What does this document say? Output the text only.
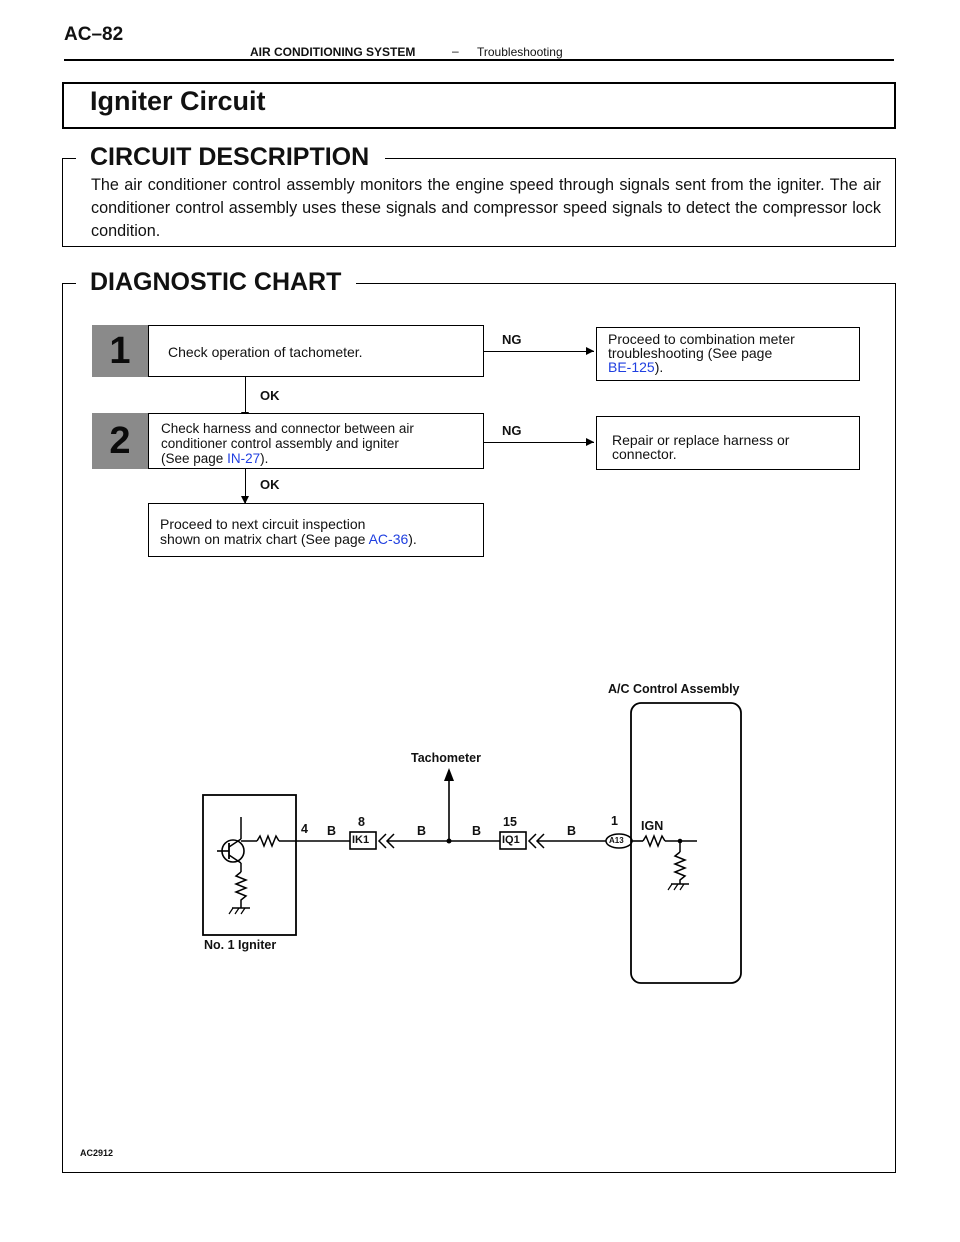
AC–82
AIR CONDITIONING SYSTEM	– Troubleshooting
Igniter Circuit
CIRCUIT DESCRIPTION
The air conditioner control assembly monitors the engine speed through signals sent from the igniter. The air conditioner control assembly uses these signals and compressor speed signals to detect the compressor lock condition.
DIAGNOSTIC CHART
1	Check operation of tachometer.
NG	Proceed to combination meter troubleshooting (See page
BE-125).
OK
2	Check harness and connector between air conditioner control assembly and igniter
(See page IN-27).
NG
Repair or replace harness or connector.
OK
Proceed to next circuit inspection
shown on matrix chart (See page AC-36).
A/C Control Assembly
Tachometer
No. 1 Igniter
4 B
8
IK1
B	B
15
IQ1
B
1
A13
IGN
AC2912
